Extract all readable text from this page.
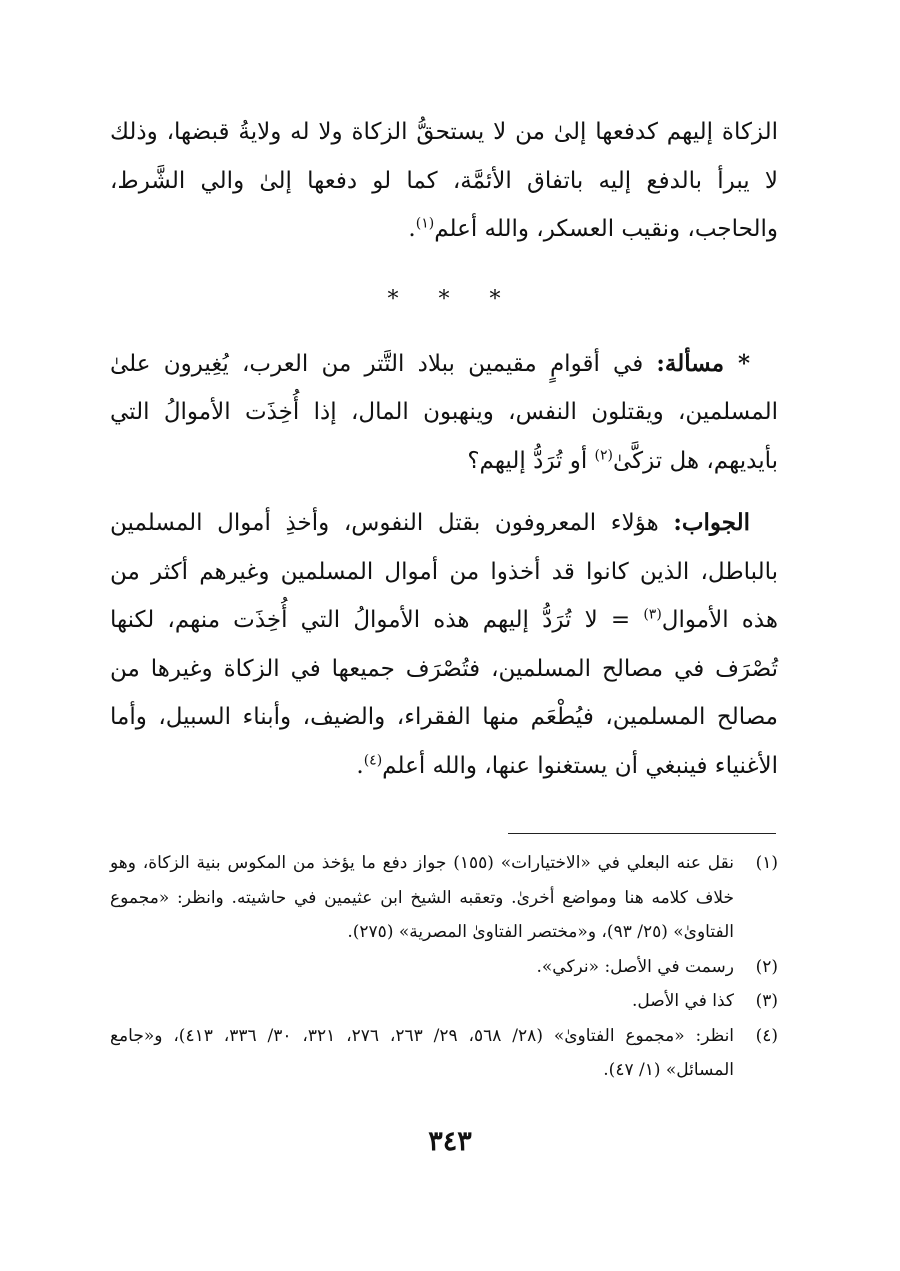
الزكاة إليهم كدفعها إلىٰ من لا يستحقُّ الزكاة ولا له ولايةُ قبضها، وذلك لا يبرأ بالدفع إليه باتفاق الأئمَّة، كما لو دفعها إلىٰ والي الشَّرط، والحاجب، ونقيب العسكر، والله أعلم$^{(١)}$.

* * *

* مسألة: في أقوامٍ مقيمين ببلاد التَّتر من العرب، يُغِيرون علىٰ المسلمين، ويقتلون النفس، وينهبون المال، إذا أُخِذَت الأموالُ التي بأيديهم، هل تزكَّىٰ$^{(٢)}$ أو تُرَدُّ إليهم؟

الجواب: هؤلاء المعروفون بقتل النفوس، وأخذِ أموال المسلمين بالباطل، الذين كانوا قد أخذوا من أموال المسلمين وغيرهم أكثر من هذه الأموال$^{(٣)}$ = لا تُرَدُّ إليهم هذه الأموالُ التي أُخِذَت منهم، لكنها تُصْرَف في مصالح المسلمين، فتُصْرَف جميعها في الزكاة وغيرها من مصالح المسلمين، فيُطْعَم منها الفقراء، والضيف، وأبناء السبيل، وأما الأغنياء فينبغي أن يستغنوا عنها، والله أعلم$^{(٤)}$.

(١)
نقل عنه البعلي في «الاختيارات» (١٥٥) جواز دفع ما يؤخذ من المكوس بنية الزكاة، وهو خلاف كلامه هنا ومواضع أخرىٰ. وتعقبه الشيخ ابن عثيمين في حاشيته. وانظر: «مجموع الفتاوىٰ» (٢٥/ ٩٣)، و«مختصر الفتاوىٰ المصرية» (٢٧٥).
(٢)
رسمت في الأصل: «نركي».
(٣)
كذا في الأصل.
(٤)
انظر: «مجموع الفتاوىٰ» (٢٨/ ٥٦٨، ٢٩/ ٢٦٣، ٢٧٦، ٣٢١، ٣٠/ ٣٣٦، ٤١٣)، و«جامع المسائل» (١/ ٤٧).
٣٤٣
